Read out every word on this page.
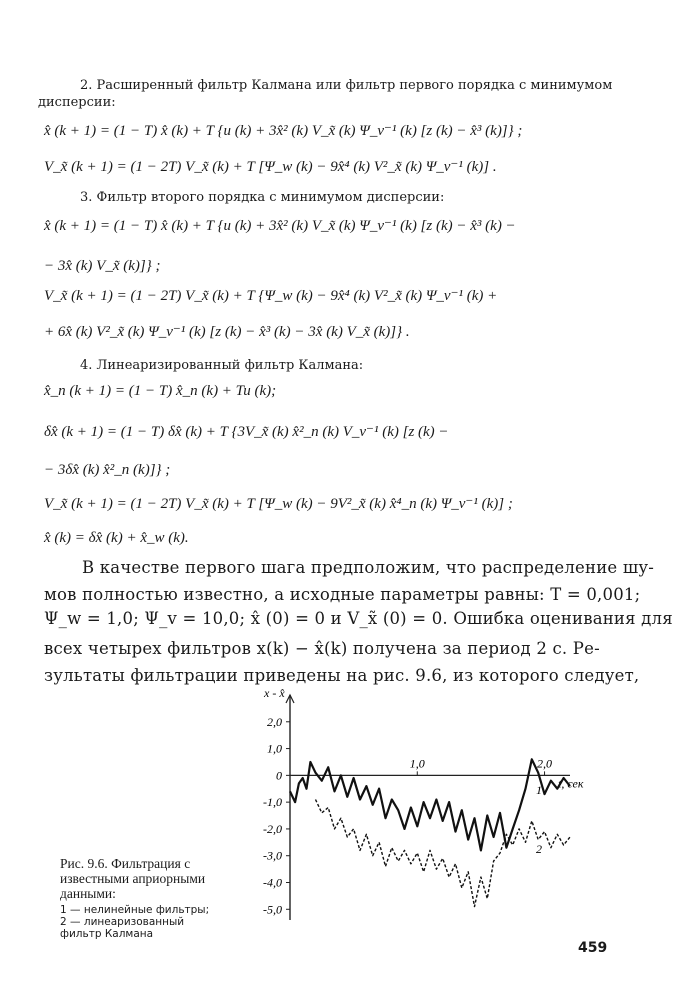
2. Расширенный фильтр Калмана или фильтр первого порядка с минимумом
дисперсии:
x̂ (k + 1) = (1 − T) x̂ (k) + T {u (k) + 3x̂² (k) V_x̃ (k) Ψ_v⁻¹ (k) [z (k) − x̂³ (k)]} ;
V_x̃ (k + 1) = (1 − 2T) V_x̃ (k) + T [Ψ_w (k) − 9x̂⁴ (k) V²_x̃ (k) Ψ_v⁻¹ (k)] .
3. Фильтр второго порядка с минимумом дисперсии:
x̂ (k + 1) = (1 − T) x̂ (k) + T {u (k) + 3x̂² (k) V_x̃ (k) Ψ_v⁻¹ (k) [z (k) − x̂³ (k) −
− 3x̂ (k) V_x̃ (k)]} ;
V_x̃ (k + 1) = (1 − 2T) V_x̃ (k) + T {Ψ_w (k) − 9x̂⁴ (k) V²_x̃ (k) Ψ_v⁻¹ (k) +
+ 6x̂ (k) V²_x̃ (k) Ψ_v⁻¹ (k) [z (k) − x̂³ (k) − 3x̂ (k) V_x̃ (k)]} .
4. Линеаризированный фильтр Калмана:
x̂_n (k + 1) = (1 − T) x̂_n (k) + Tu (k);
δx̂ (k + 1) = (1 − T) δx̂ (k) + T {3V_x̃ (k) x̂²_n (k) V_v⁻¹ (k) [z (k) −
− 3δx̂ (k) x̂²_n (k)]} ;
V_x̃ (k + 1) = (1 − 2T) V_x̃ (k) + T [Ψ_w (k) − 9V²_x̃ (k) x̂⁴_n (k) Ψ_v⁻¹ (k)] ;
x̂ (k) = δx̂ (k) + x̂_w (k).
В качестве первого шага предположим, что распределение шу-
мов полностью известно, а исходные параметры равны: T = 0,001;
Ψ_w = 1,0; Ψ_v = 10,0; x̂ (0) = 0 и V_x̃ (0) = 0. Ошибка оценивания для
всех четырех фильтров x(k) − x̂(k) получена за период 2 с. Ре-
зультаты фильтрации приведены на рис. 9.6, из которого следует,
Рис. 9.6. Фильтрация с
известными априорными
данными:
1 — нелинейные фильтры;
2 — линеаризованный
фильтр Калмана
2,0
1,0
0
-1,0
-2,0
-3,0
-4,0
-5,0
1,0	2,0
x - x̂
t, сек
1
2
459
